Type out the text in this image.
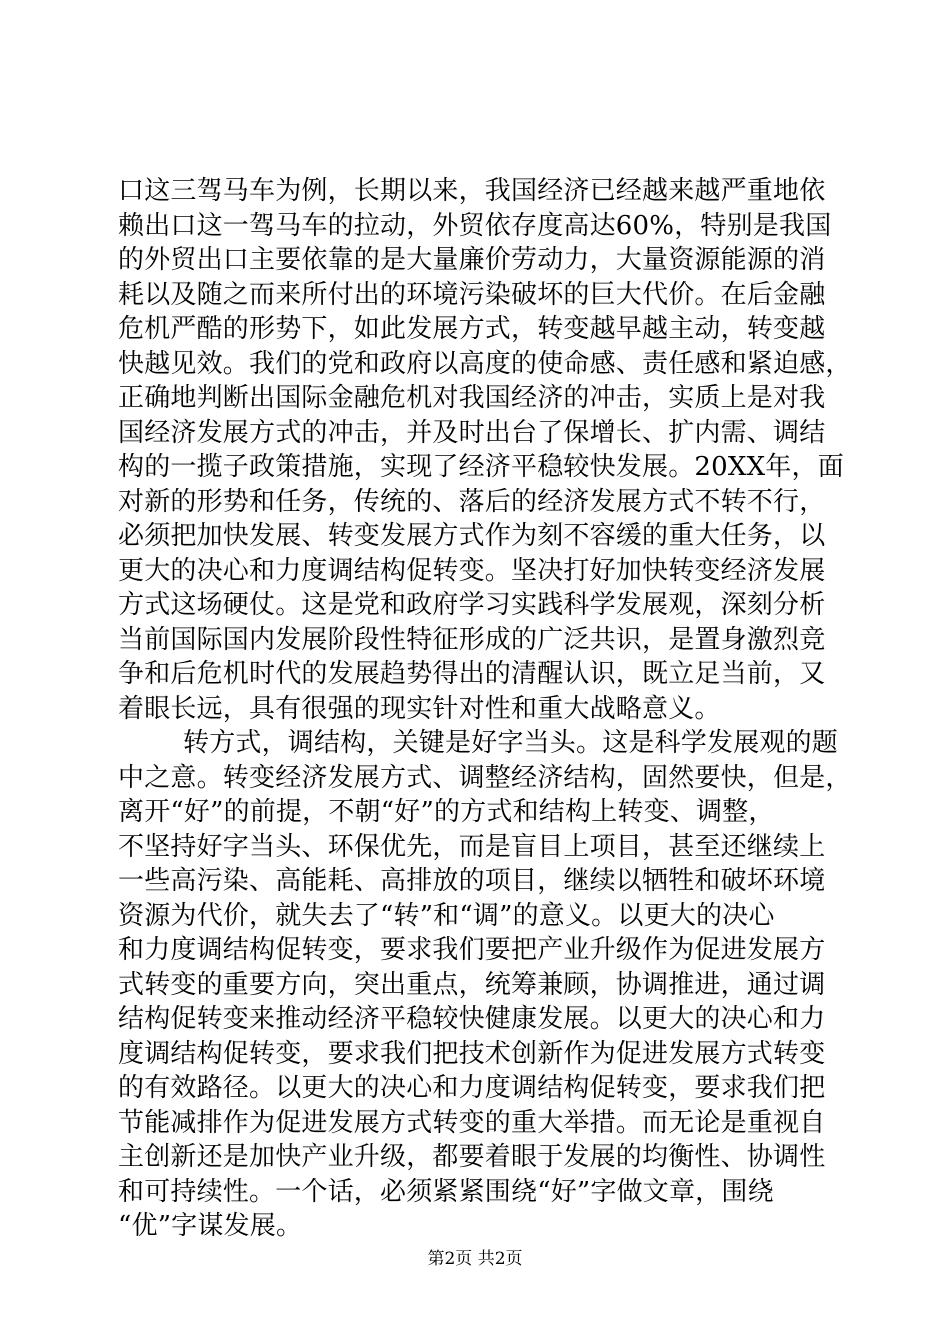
口这三驾马车为例，长期以来，我国经济已经越来越严重地依
赖出口这一驾马车的拉动，外贸依存度高达60%，特别是我国
的外贸出口主要依靠的是大量廉价劳动力，大量资源能源的消
耗以及随之而来所付出的环境污染破坏的巨大代价。在后金融
危机严酷的形势下，如此发展方式，转变越早越主动，转变越
快越见效。我们的党和政府以高度的使命感、责任感和紧迫感，
正确地判断出国际金融危机对我国经济的冲击，实质上是对我
国经济发展方式的冲击，并及时出台了保增长、扩内需、调结
构的一揽子政策措施，实现了经济平稳较快发展。20XX年，面
对新的形势和任务，传统的、落后的经济发展方式不转不行，
必须把加快发展、转变发展方式作为刻不容缓的重大任务，以
更大的决心和力度调结构促转变。坚决打好加快转变经济发展
方式这场硬仗。这是党和政府学习实践科学发展观，深刻分析
当前国际国内发展阶段性特征形成的广泛共识，是置身激烈竞
争和后危机时代的发展趋势得出的清醒认识，既立足当前，又
着眼长远，具有很强的现实针对性和重大战略意义。
转方式，调结构，关键是好字当头。这是科学发展观的题
中之意。转变经济发展方式、调整经济结构，固然要快，但是，
离开“好”的前提，不朝“好”的方式和结构上转变、调整，
不坚持好字当头、环保优先，而是盲目上项目，甚至还继续上
一些高污染、高能耗、高排放的项目，继续以牺牲和破坏环境
资源为代价，就失去了“转”和“调”的意义。以更大的决心
和力度调结构促转变，要求我们要把产业升级作为促进发展方
式转变的重要方向，突出重点，统筹兼顾，协调推进，通过调
结构促转变来推动经济平稳较快健康发展。以更大的决心和力
度调结构促转变，要求我们把技术创新作为促进发展方式转变
的有效路径。以更大的决心和力度调结构促转变，要求我们把
节能减排作为促进发展方式转变的重大举措。而无论是重视自
主创新还是加快产业升级，都要着眼于发展的均衡性、协调性
和可持续性。一个话，必须紧紧围绕“好”字做文章，围绕
“优”字谋发展。
第2页 共2页
